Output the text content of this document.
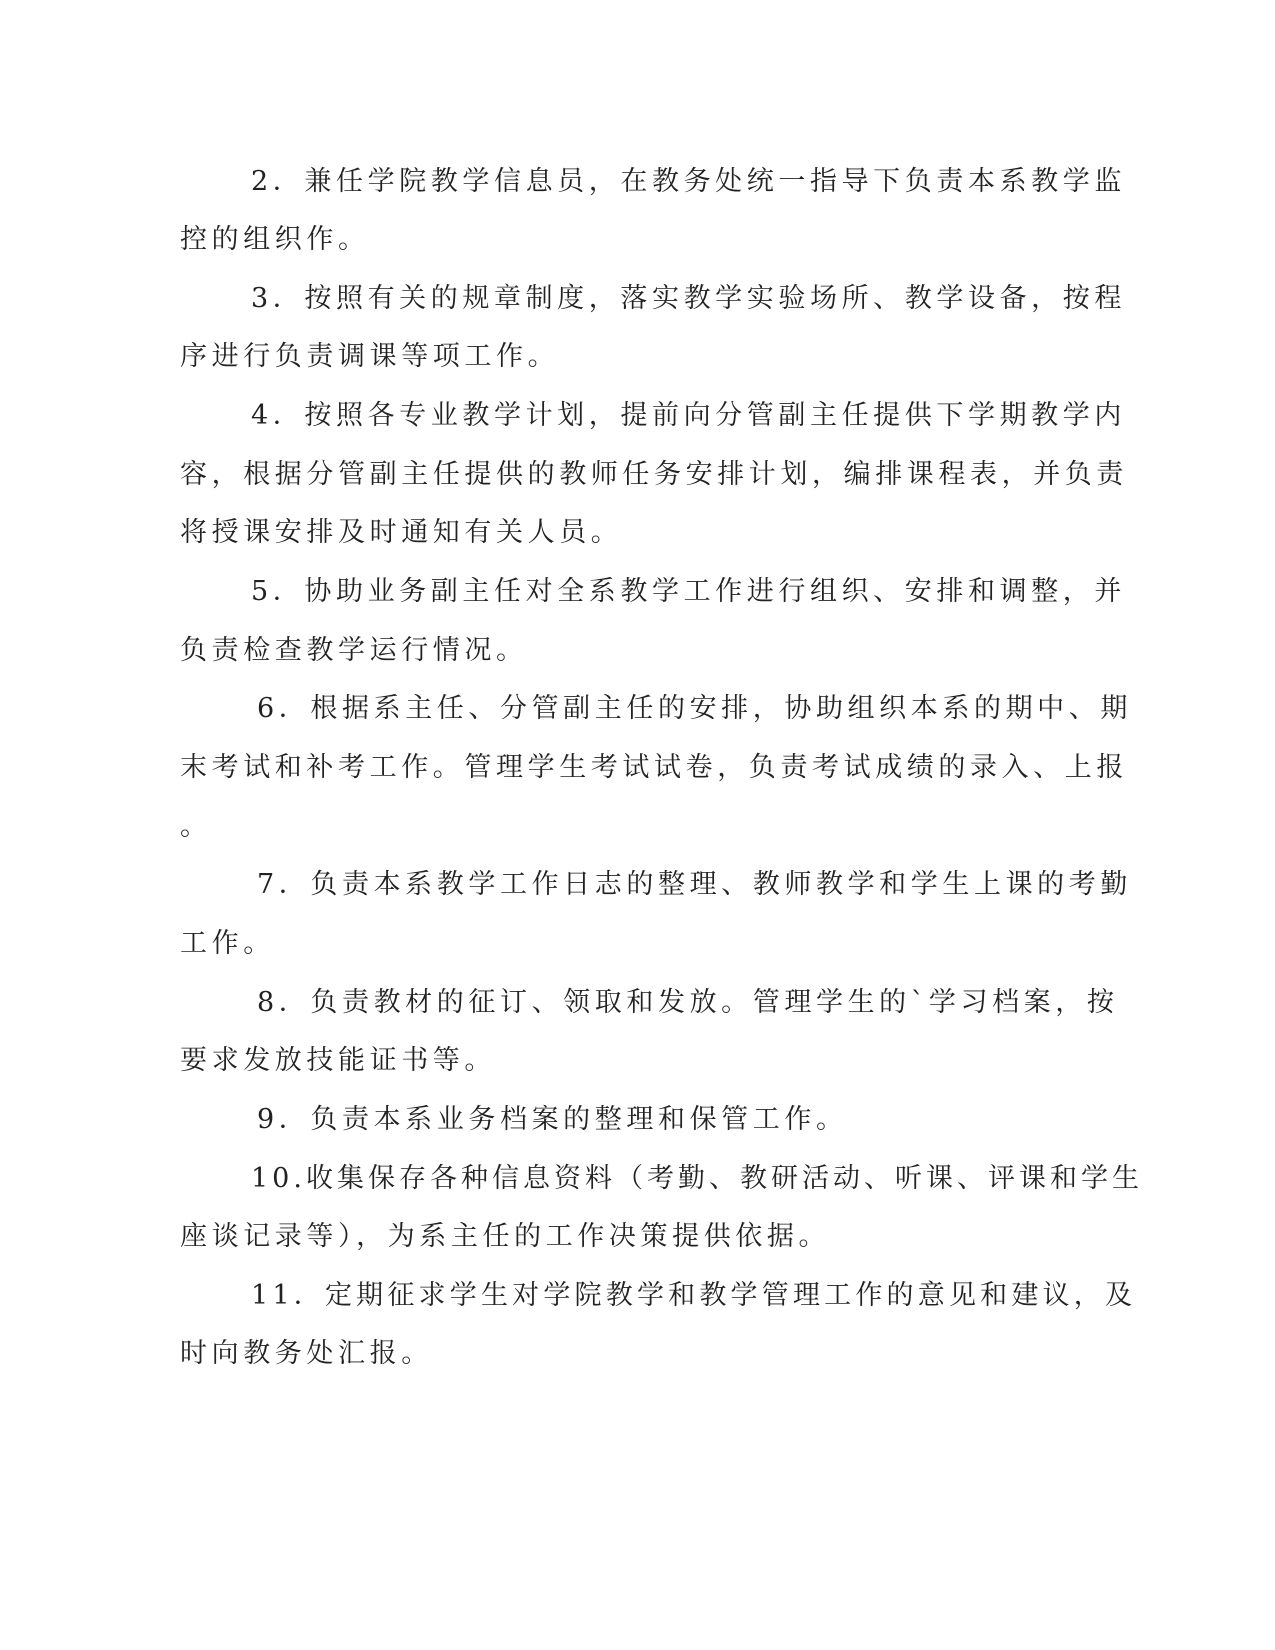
2．兼任学院教学信息员，在教务处统一指导下负责本系教学监
控的组织作。
3．按照有关的规章制度，落实教学实验场所、教学设备，按程
序进行负责调课等项工作。
4．按照各专业教学计划，提前向分管副主任提供下学期教学内
容，根据分管副主任提供的教师任务安排计划，编排课程表，并负责
将授课安排及时通知有关人员。
5．协助业务副主任对全系教学工作进行组织、安排和调整，并
负责检查教学运行情况。
6．根据系主任、分管副主任的安排，协助组织本系的期中、期
末考试和补考工作。管理学生考试试卷，负责考试成绩的录入、上报
。
7．负责本系教学工作日志的整理、教师教学和学生上课的考勤
工作。
8．负责教材的征订、领取和发放。管理学生的`学习档案，按
要求发放技能证书等。
9．负责本系业务档案的整理和保管工作。
10.收集保存各种信息资料（考勤、教研活动、听课、评课和学生
座谈记录等），为系主任的工作决策提供依据。
11．定期征求学生对学院教学和教学管理工作的意见和建议，及
时向教务处汇报。
